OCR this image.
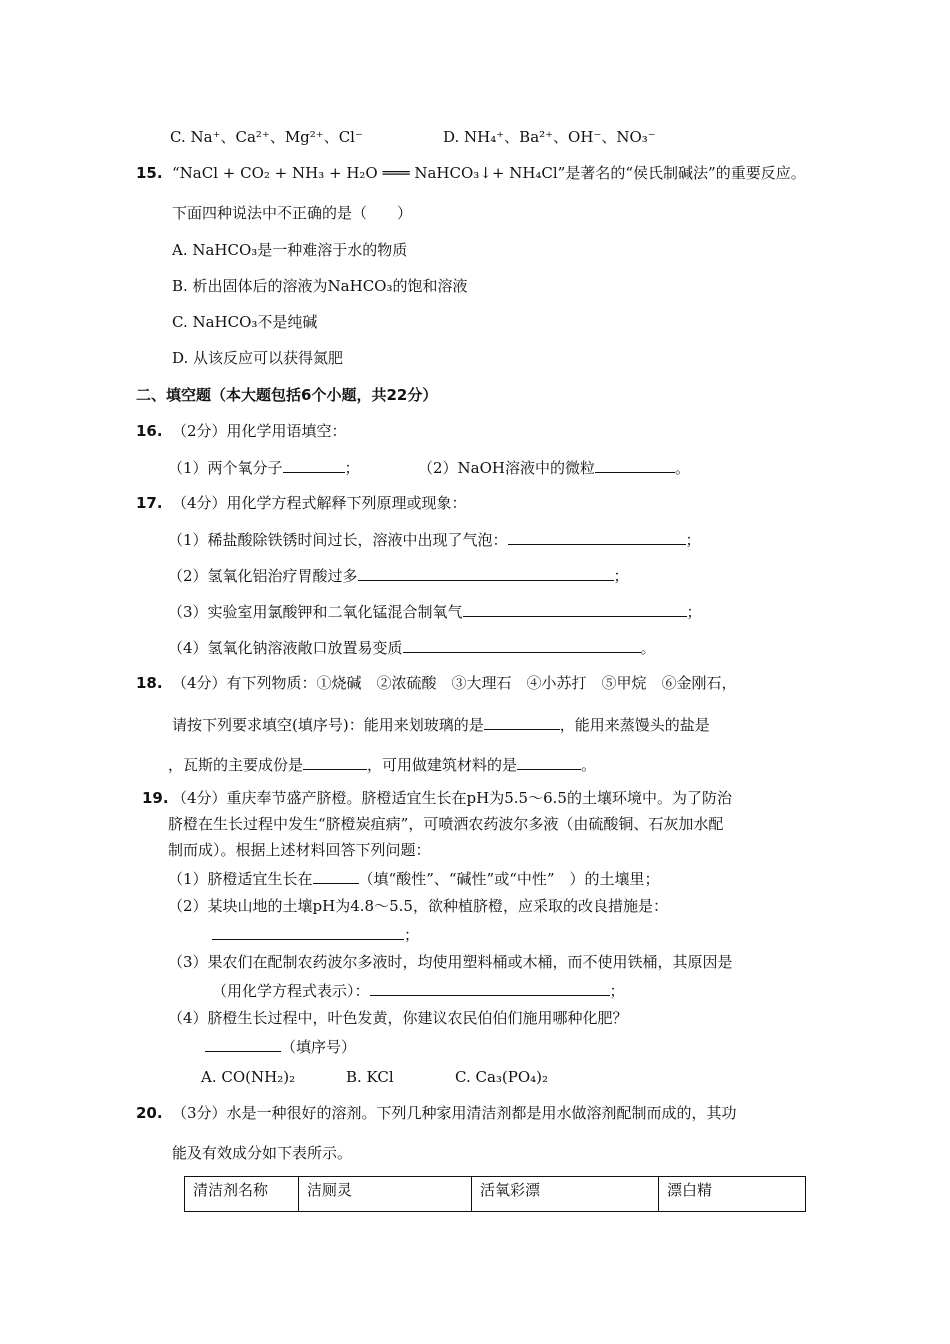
C. Na⁺、Ca²⁺、Mg²⁺、Cl⁻	D. NH₄⁺、Ba²⁺、OH⁻、NO₃⁻
15. “NaCl + CO₂ + NH₃ + H₂O ═══ NaHCO₃↓+ NH₄Cl”是著名的“侯氏制碱法”的重要反应。
下面四种说法中不正确的是（　　）
A. NaHCO₃是一种难溶于水的物质
B. 析出固体后的溶液为NaHCO₃的饱和溶液
C. NaHCO₃不是纯碱
D. 从该反应可以获得氮肥
二、填空题（本大题包括6个小题，共22分）
16. （2分）用化学用语填空：
（1）两个氧分子	；	（2）NaOH溶液中的微粒	。
17. （4分）用化学方程式解释下列原理或现象：
（1）稀盐酸除铁锈时间过长，溶液中出现了气泡：	；
（2）氢氧化铝治疗胃酸过多	；
（3）实验室用氯酸钾和二氧化锰混合制氧气	；
（4）氢氧化钠溶液敞口放置易变质	。
18. （4分）有下列物质：①烧碱　②浓硫酸　③大理石　④小苏打　⑤甲烷　⑥金刚石，
请按下列要求填空(填序号)：能用来划玻璃的是	，能用来蒸馒头的盐是
，瓦斯的主要成份是	，可用做建筑材料的是	。
19. （4分）重庆奉节盛产脐橙。脐橙适宜生长在pH为5.5～6.5的土壤环境中。为了防治
脐橙在生长过程中发生“脐橙炭疽病”，可喷洒农药波尔多液（由硫酸铜、石灰加水配
制而成）。根据上述材料回答下列问题：
（1）脐橙适宜生长在	（填“酸性”、“碱性”或“中性”　）的土壤里；
（2）某块山地的土壤pH为4.8～5.5，欲种植脐橙，应采取的改良措施是：
；
（3）果农们在配制农药波尔多液时，均使用塑料桶或木桶，而不使用铁桶，其原因是
（用化学方程式表示）：	；
（4）脐橙生长过程中，叶色发黄，你建议农民伯伯们施用哪种化肥？
（填序号）
A. CO(NH₂)₂	B. KCl	C. Ca₃(PO₄)₂
20. （3分）水是一种很好的溶剂。下列几种家用清洁剂都是用水做溶剂配制而成的，其功
能及有效成分如下表所示。
清洁剂名称	洁厕灵	活氧彩漂	漂白精
